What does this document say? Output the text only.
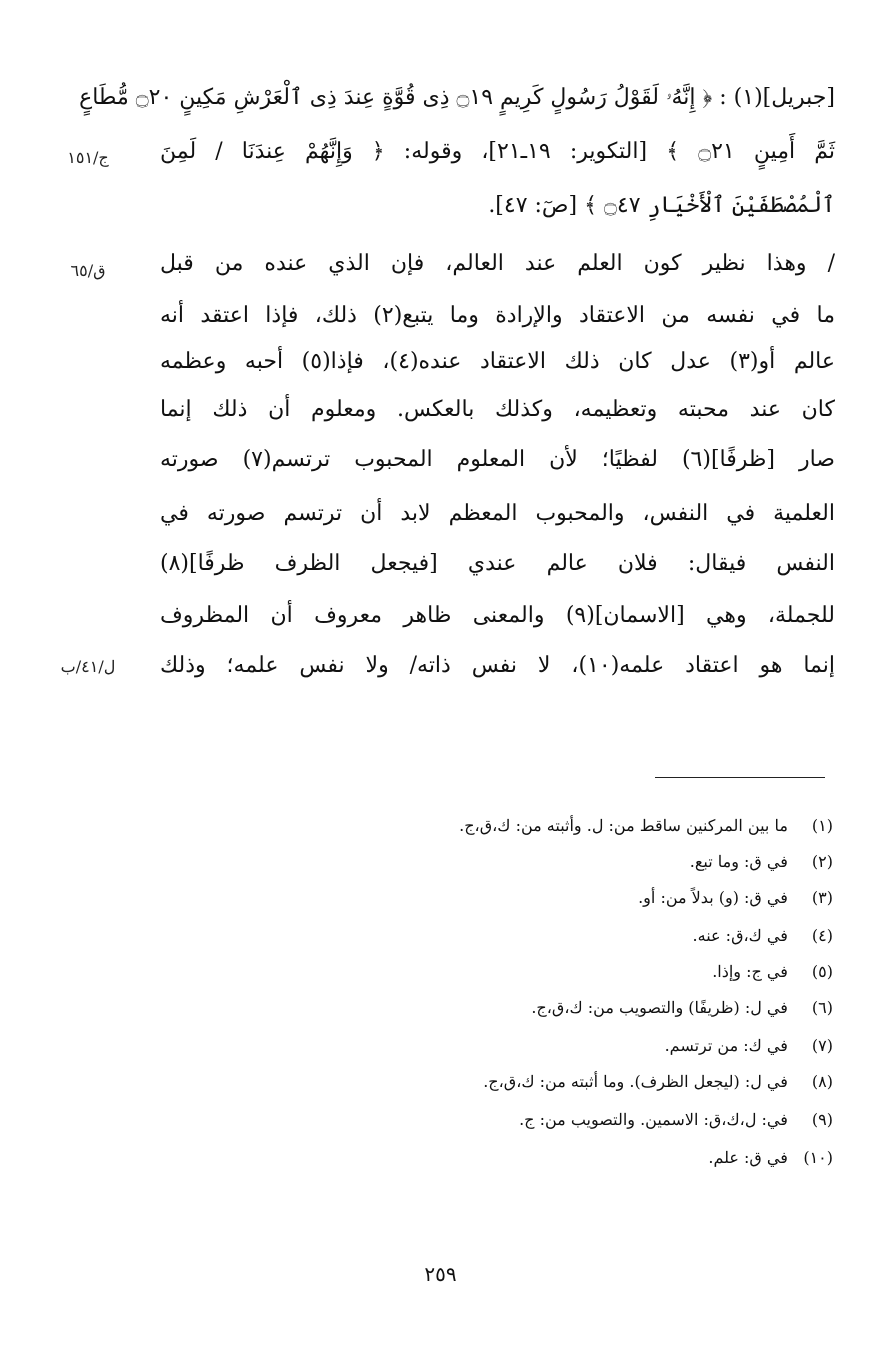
[جبريل](١) : ﴿ إِنَّهُۥ لَقَوْلُ رَسُولٍ كَرِيمٍ ۝١٩ ذِى قُوَّةٍ عِندَ ذِى ٱلْعَرْشِ مَكِينٍ ۝٢٠ مُّطَاعٍ
ثَمَّ أَمِينٍ ۝٢١ ﴾ [التكوير: ١٩ـ٢١]، وقوله: ﴿ وَإِنَّهُمْ عِندَنَا / لَمِنَ
ٱلْمُصْطَفَيْنَ ٱلْأَخْيَارِ ۝٤٧ ﴾ [صٓ: ٤٧].
/ وهذا نظير كون العلم عند العالم، فإن الذي عنده من قبل
ما في نفسه من الاعتقاد والإرادة وما يتبع(٢) ذلك، فإذا اعتقد أنه
عالم أو(٣) عدل كان ذلك الاعتقاد عنده(٤)، فإذا(٥) أحبه وعظمه
كان عند محبته وتعظيمه، وكذلك بالعكس. ومعلوم أن ذلك إنما
صار [ظرفًا](٦) لفظيًا؛ لأن المعلوم المحبوب ترتسم(٧) صورته
العلمية في النفس، والمحبوب المعظم لابد أن ترتسم صورته في
النفس فيقال: فلان عالم عندي [فيجعل الظرف ظرفًا](٨)
للجملة، وهي [الاسمان](٩) والمعنى ظاهر معروف أن المظروف
إنما هو اعتقاد علمه(١٠)، لا نفس ذاته/ ولا نفس علمه؛ وذلك
ج/١٥١
ق/٦٥
ل/٤١/ب
(١) ما بين المركنين ساقط من: ل. وأثبته من: ك،ق،ج.
(٢) في ق: وما تبع.
(٣) في ق: (و) بدلاً من: أو.
(٤) في ك،ق: عنه.
(٥) في ج: وإذا.
(٦) في ل: (ظريفًا) والتصويب من: ك،ق،ج.
(٧) في ك: من ترتسم.
(٨) في ل: (ليجعل الظرف). وما أثبته من: ك،ق،ج.
(٩) في: ل،ك،ق: الاسمين. والتصويب من: ج.
(١٠) في ق: علم.
٢٥٩
